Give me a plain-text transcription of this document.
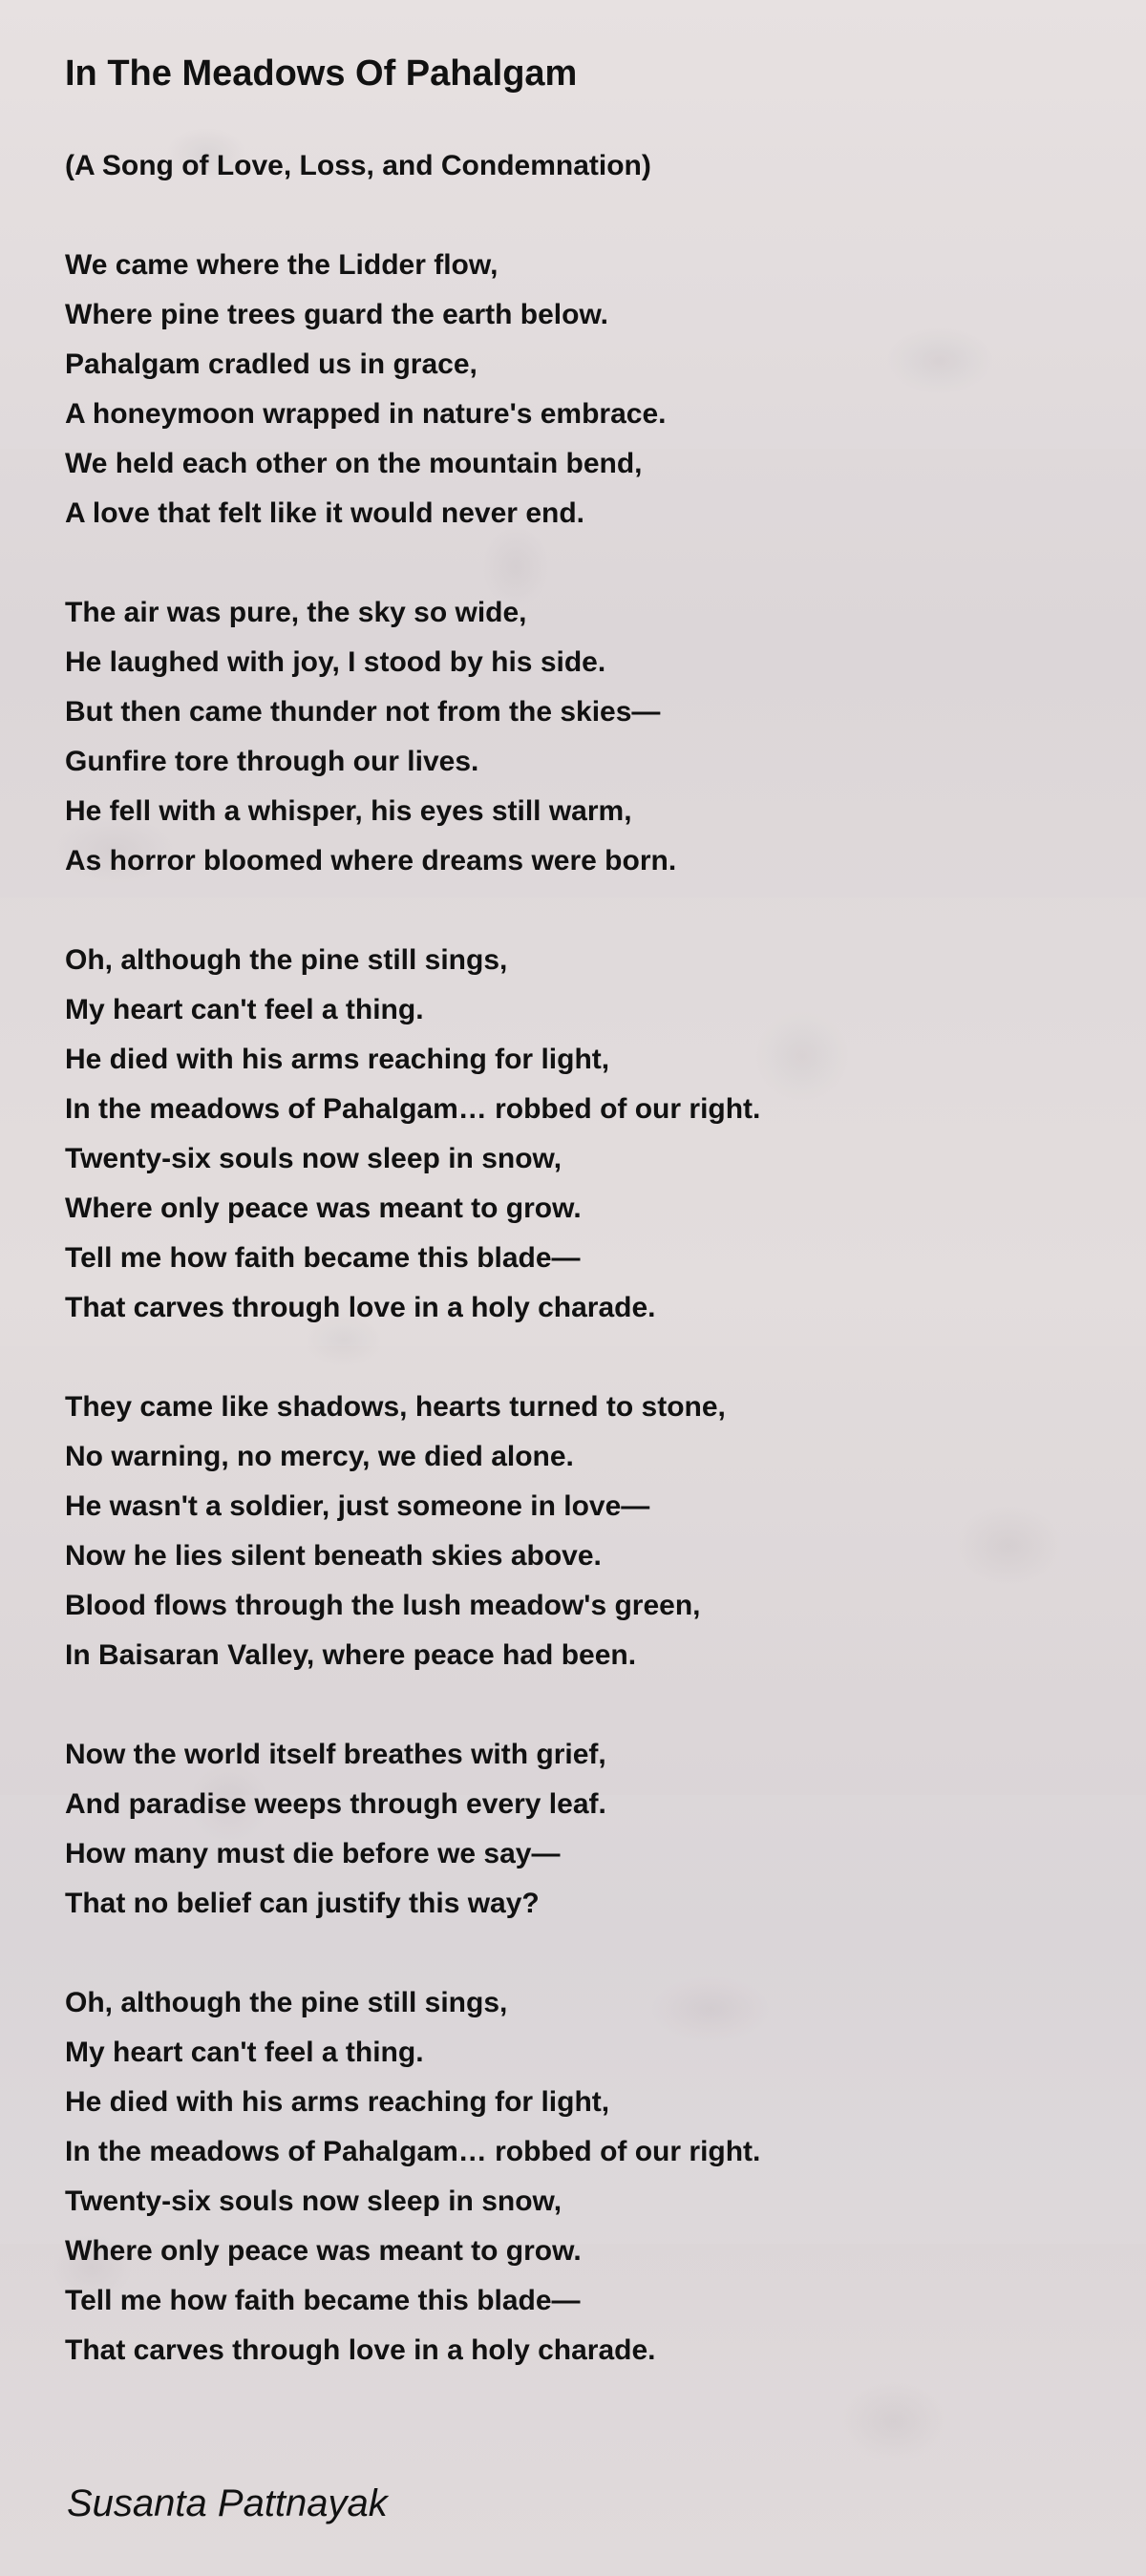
In The Meadows Of Pahalgam

(A Song of Love, Loss, and Condemnation)

We came where the Lidder flow,
Where pine trees guard the earth below.
Pahalgam cradled us in grace,
A honeymoon wrapped in nature's embrace.
We held each other on the mountain bend,
A love that felt like it would never end.
The air was pure, the sky so wide,
He laughed with joy, I stood by his side.
But then came thunder not from the skies—
Gunfire tore through our lives.
He fell with a whisper, his eyes still warm,
As horror bloomed where dreams were born.
Oh, although the pine still sings,
My heart can't feel a thing.
He died with his arms reaching for light,
In the meadows of Pahalgam… robbed of our right.
Twenty-six souls now sleep in snow,
Where only peace was meant to grow.
Tell me how faith became this blade—
That carves through love in a holy charade.
They came like shadows, hearts turned to stone,
No warning, no mercy, we died alone.
He wasn't a soldier, just someone in love—
Now he lies silent beneath skies above.
Blood flows through the lush meadow's green,
In Baisaran Valley, where peace had been.
Now the world itself breathes with grief,
And paradise weeps through every leaf.
How many must die before we say—
That no belief can justify this way?
Oh, although the pine still sings,
My heart can't feel a thing.
He died with his arms reaching for light,
In the meadows of Pahalgam… robbed of our right.
Twenty-six souls now sleep in snow,
Where only peace was meant to grow.
Tell me how faith became this blade—
That carves through love in a holy charade.

Susanta Pattnayak
